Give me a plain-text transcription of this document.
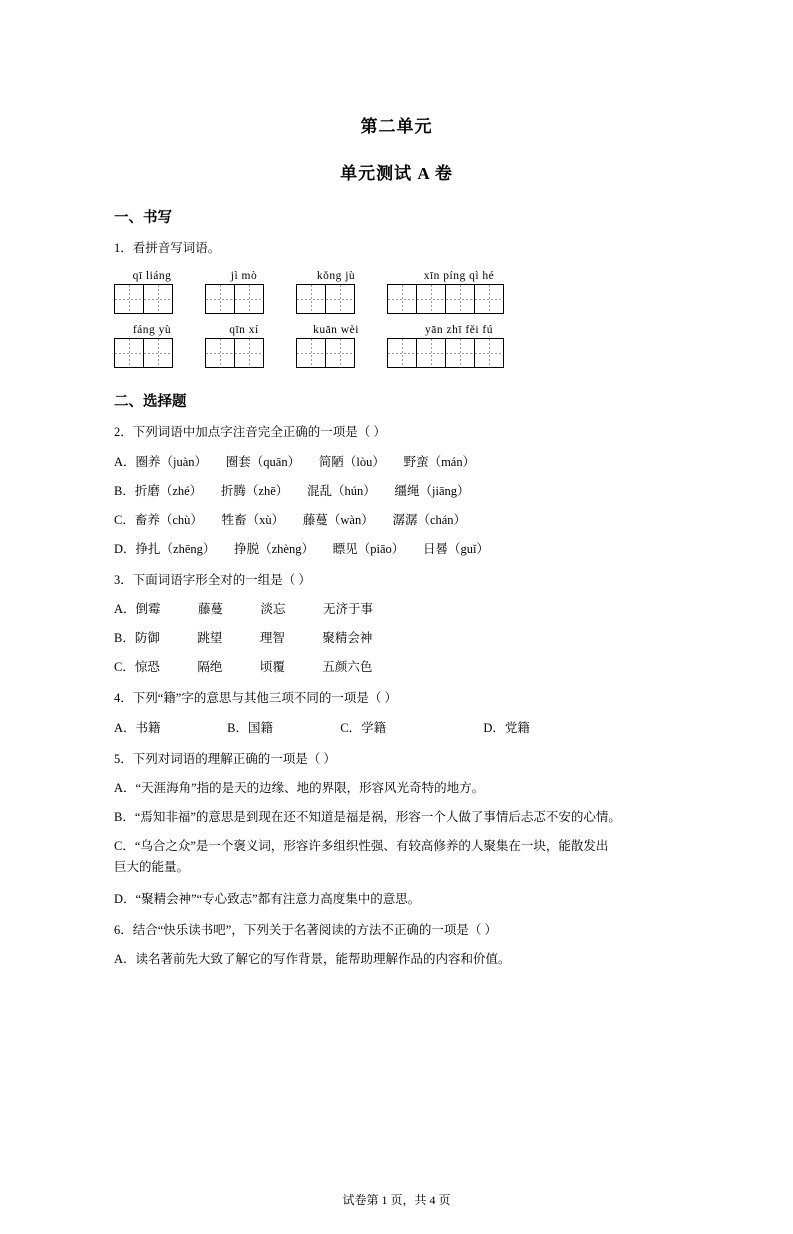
第二单元
单元测试 A 卷
一、书写
1．看拼音写词语。
qī liáng	jì mò	kǒng jù	xīn píng qì hé
fáng yù	qīn xí	kuān wèi	yān zhī fěi fú
二、选择题
2．下列词语中加点字注音完全正确的一项是（ ）
A．圈养（juàn）　　圈套（quān）　　简陋（lòu）　　野蛮（mán）
B．折磨（zhé）　　折腾（zhē）　　混乱（hún）　　缰绳（jiāng）
C．畜养（chù）　　牲畜（xù）　　藤蔓（wàn）　　潺潺（chán）
D．挣扎（zhēng）　　挣脱（zhèng）　　瞟见（piāo）　　日晷（guǐ）
3．下面词语字形全对的一组是（ ）
A．倒霉　　　藤蔓　　　淡忘　　　无济于事
B．防御　　　跳望　　　理智　　　聚精会神
C．惊恐　　　隔绝　　　顷覆　　　五颜六色
4．下列“籍”字的意思与其他三项不同的一项是（ ）
A．书籍	B．国籍	C．学籍	D．党籍
5．下列对词语的理解正确的一项是（ ）
A．“天涯海角”指的是天的边缘、地的界限，形容风光奇特的地方。
B．“焉知非福”的意思是到现在还不知道是福是祸，形容一个人做了事情后忐忑不安的心情。
C．“乌合之众”是一个褒义词，形容许多组织性强、有较高修养的人聚集在一块，能散发出
巨大的能量。
D．“聚精会神”“专心致志”都有注意力高度集中的意思。
6．结合“快乐读书吧”，下列关于名著阅读的方法不正确的一项是（ ）
A．读名著前先大致了解它的写作背景，能帮助理解作品的内容和价值。
试卷第 1 页，共 4 页
